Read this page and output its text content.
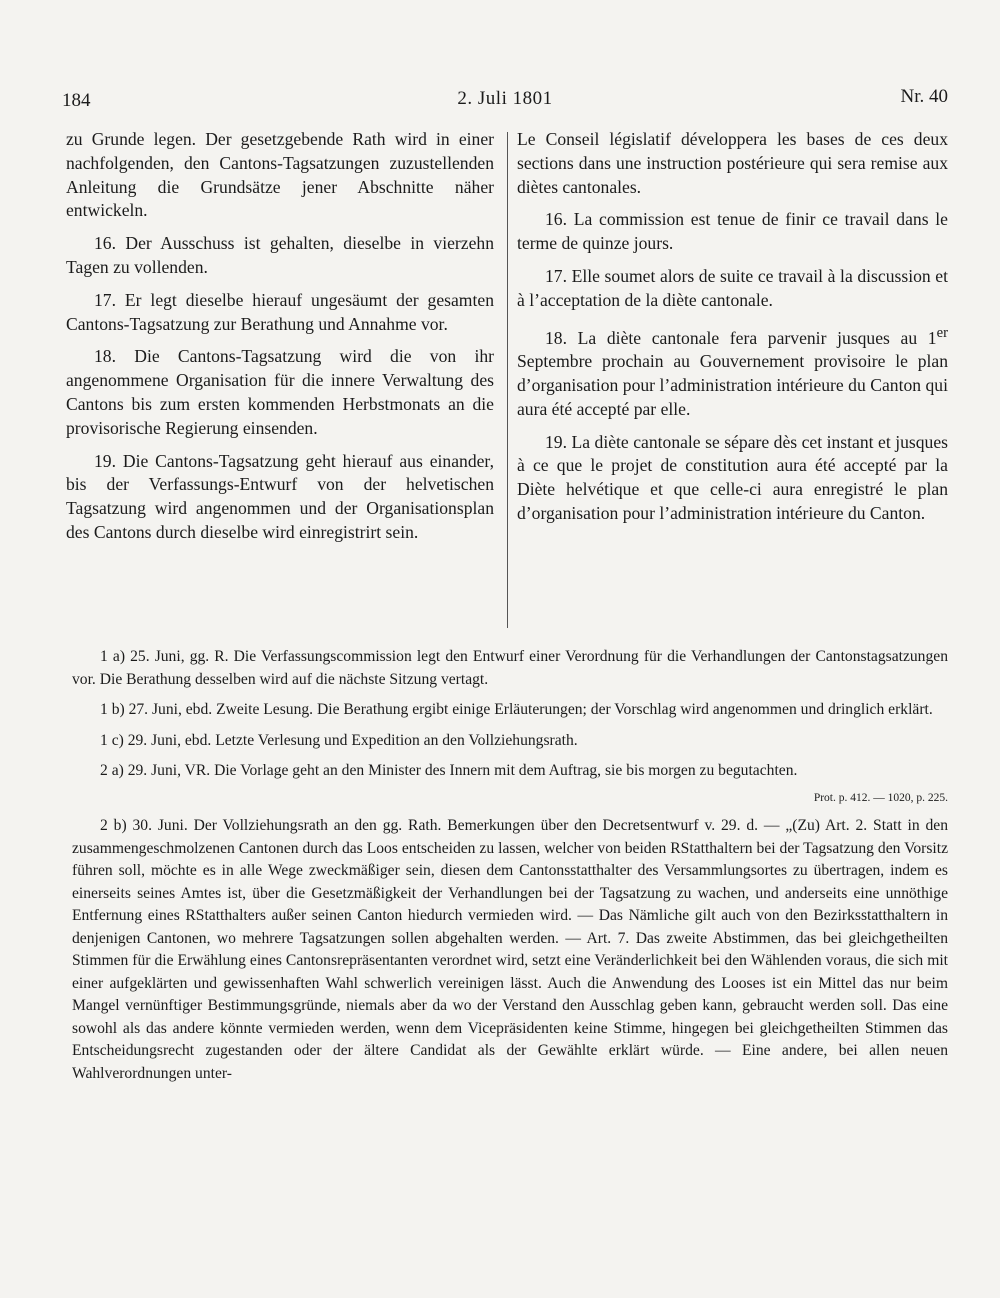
184	2. Juli 1801	Nr. 40

zu Grunde legen. Der gesetzgebende Rath wird in einer nachfolgenden, den Cantons-Tagsatzungen zuzustellenden Anleitung die Grundsätze jener Abschnitte näher entwickeln.

16. Der Ausschuss ist gehalten, dieselbe in vierzehn Tagen zu vollenden.

17. Er legt dieselbe hierauf ungesäumt der gesamten Cantons-Tagsatzung zur Berathung und Annahme vor.

18. Die Cantons-Tagsatzung wird die von ihr angenommene Organisation für die innere Verwaltung des Cantons bis zum ersten kommenden Herbstmonats an die provisorische Regierung einsenden.

19. Die Cantons-Tagsatzung geht hierauf aus einander, bis der Verfassungs-Entwurf von der helvetischen Tagsatzung wird angenommen und der Organisationsplan des Cantons durch dieselbe wird einregistrirt sein.

Le Conseil législatif développera les bases de ces deux sections dans une instruction postérieure qui sera remise aux diètes cantonales.

16. La commission est tenue de finir ce travail dans le terme de quinze jours.

17. Elle soumet alors de suite ce travail à la discussion et à l’acceptation de la diète cantonale.

18. La diète cantonale fera parvenir jusques au 1er Septembre prochain au Gouvernement provisoire le plan d’organisation pour l’administration intérieure du Canton qui aura été accepté par elle.

19. La diète cantonale se sépare dès cet instant et jusques à ce que le projet de constitution aura été accepté par la Diète helvétique et que celle-ci aura enregistré le plan d’organisation pour l’administration intérieure du Canton.

1 a) 25. Juni, gg. R. Die Verfassungscommission legt den Entwurf einer Verordnung für die Verhandlungen der Cantonstagsatzungen vor. Die Berathung desselben wird auf die nächste Sitzung vertagt.

1 b) 27. Juni, ebd. Zweite Lesung. Die Berathung ergibt einige Erläuterungen; der Vorschlag wird angenommen und dringlich erklärt.

1 c) 29. Juni, ebd. Letzte Verlesung und Expedition an den Vollziehungsrath.

2 a) 29. Juni, VR. Die Vorlage geht an den Minister des Innern mit dem Auftrag, sie bis morgen zu begutachten.
Prot. p. 412. — 1020, p. 225.

2 b) 30. Juni. Der Vollziehungsrath an den gg. Rath. Bemerkungen über den Decretsentwurf v. 29. d. — „(Zu) Art. 2. Statt in den zusammengeschmolzenen Cantonen durch das Loos entscheiden zu lassen, welcher von beiden RStatthaltern bei der Tagsatzung den Vorsitz führen soll, möchte es in alle Wege zweckmäßiger sein, diesen dem Cantonsstatthalter des Versammlungsortes zu übertragen, indem es einerseits seines Amtes ist, über die Gesetzmäßigkeit der Verhandlungen bei der Tagsatzung zu wachen, und anderseits eine unnöthige Entfernung eines RStatthalters außer seinen Canton hiedurch vermieden wird. — Das Nämliche gilt auch von den Bezirksstatthaltern in denjenigen Cantonen, wo mehrere Tagsatzungen sollen abgehalten werden. — Art. 7. Das zweite Abstimmen, das bei gleichgetheilten Stimmen für die Erwählung eines Cantonsrepräsentanten verordnet wird, setzt eine Veränderlichkeit bei den Wählenden voraus, die sich mit einer aufgeklärten und gewissenhaften Wahl schwerlich vereinigen lässt. Auch die Anwendung des Looses ist ein Mittel das nur beim Mangel vernünftiger Bestimmungsgründe, niemals aber da wo der Verstand den Ausschlag geben kann, gebraucht werden soll. Das eine sowohl als das andere könnte vermieden werden, wenn dem Vicepräsidenten keine Stimme, hingegen bei gleichgetheilten Stimmen das Entscheidungsrecht zugestanden oder der ältere Candidat als der Gewählte erklärt würde. — Eine andere, bei allen neuen Wahlverordnungen unter-
